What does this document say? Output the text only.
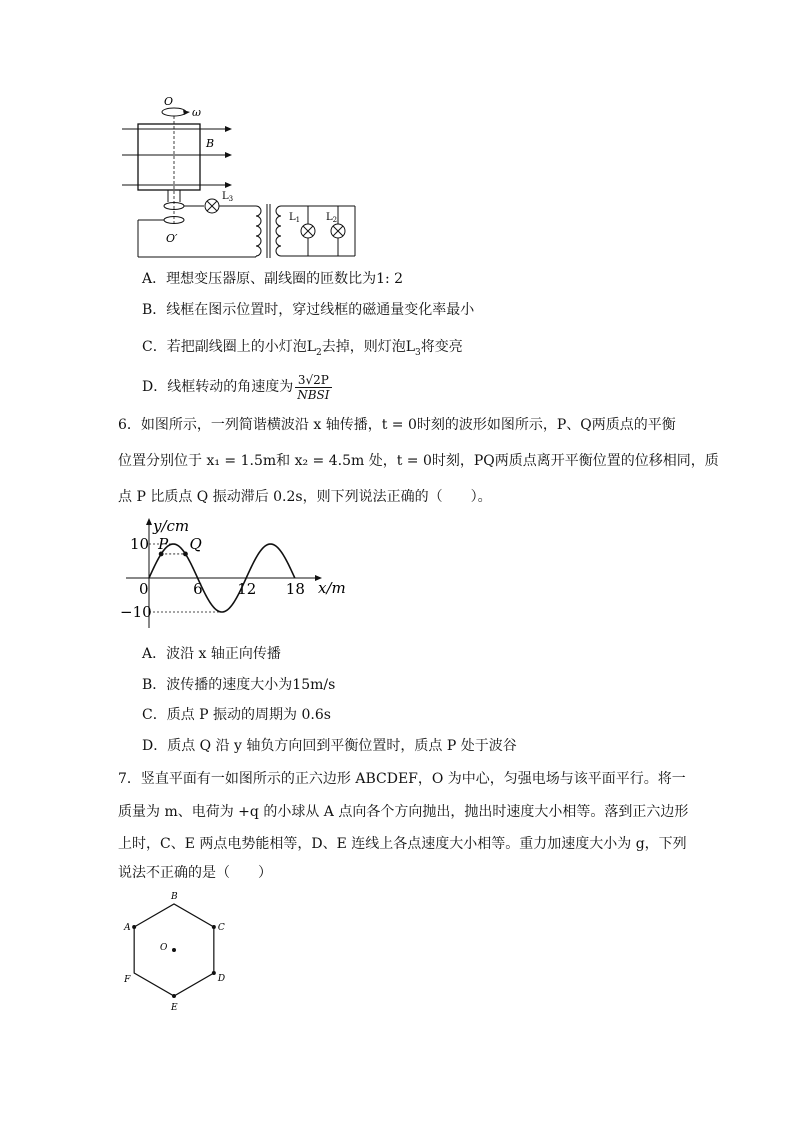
O
ω
B
O′
$L_3$
$L_1$	$L_2$
A．理想变压器原、副线圈的匝数比为1: 2
B．线框在图示位置时，穿过线框的磁通量变化率最小
C．若把副线圈上的小灯泡$L_2$去掉，则灯泡$L_3$将变亮
D．线框转动的角速度为 $\frac{3√2P}{\text{NBSI}}$
6．如图所示，一列简谐横波沿 x 轴传播，t = 0时刻的波形如图所示，P、Q两质点的平衡
位置分别位于 x₁ = 1.5m和 x₂ = 4.5m 处，t = 0时刻，PQ两质点离开平衡位置的位移相同，质
点 P 比质点 Q 振动滞后 0.2s，则下列说法正确的（　　）。
x/m
y/cm
0	6 12 18
10
−10
P Q
A．波沿 x 轴正向传播
B．波传播的速度大小为15m/s
C．质点 P 振动的周期为 0.6s
D．质点 Q 沿 y 轴负方向回到平衡位置时，质点 P 处于波谷
7．竖直平面有一如图所示的正六边形 ABCDEF，O 为中心，匀强电场与该平面平行。将一
质量为 m、电荷为 +q 的小球从 A 点向各个方向抛出，抛出时速度大小相等。落到正六边形
上时，C、E 两点电势能相等，D、E 连线上各点速度大小相等。重力加速度大小为 g，下列
说法不正确的是（　　）
A
B
C
D
E
F
O
